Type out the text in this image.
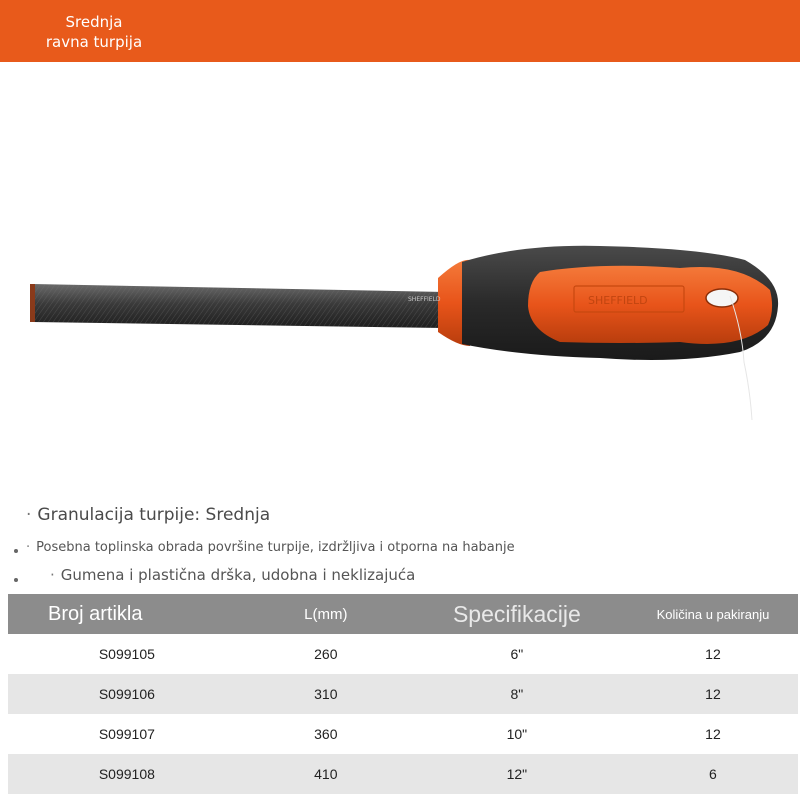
Srednja
ravna turpija
SHEFFIELD
SHEFFIELD
· Granulacija turpije: Srednja
· Posebna toplinska obrada površine turpije, izdržljiva i otporna na habanje
· Gumena i plastična drška, udobna i neklizajuća
Broj artikla	L(mm)	Specifikacije	Količina u pakiranju
S099105	260	6"	12
S099106	310	8"	12
S099107	360	10"	12
S099108	410	12"	6
